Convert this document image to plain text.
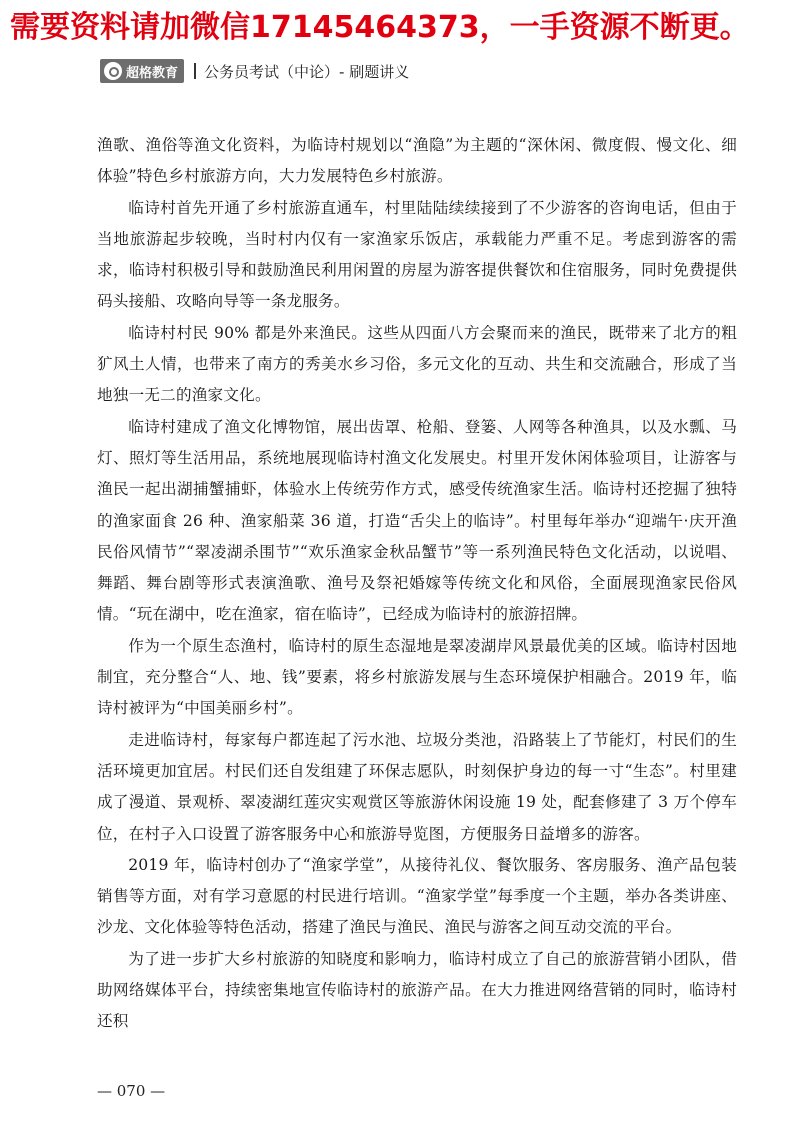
需要资料请加微信17145464373，一手资源不断更。
超格教育 公务员考试（中论）- 刷题讲义

渔歌、渔俗等渔文化资料，为临诗村规划以“渔隐”为主题的“深休闲、微度假、慢文化、细体验”特色乡村旅游方向，大力发展特色乡村旅游。

临诗村首先开通了乡村旅游直通车，村里陆陆续续接到了不少游客的咨询电话，但由于当地旅游起步较晚，当时村内仅有一家渔家乐饭店，承载能力严重不足。考虑到游客的需求，临诗村积极引导和鼓励渔民利用闲置的房屋为游客提供餐饮和住宿服务，同时免费提供码头接船、攻略向导等一条龙服务。

临诗村村民 90% 都是外来渔民。这些从四面八方会聚而来的渔民，既带来了北方的粗犷风土人情，也带来了南方的秀美水乡习俗，多元文化的互动、共生和交流融合，形成了当地独一无二的渔家文化。

临诗村建成了渔文化博物馆，展出齿罩、枪船、登篓、人网等各种渔具，以及水瓢、马灯、照灯等生活用品，系统地展现临诗村渔文化发展史。村里开发休闲体验项目，让游客与渔民一起出湖捕蟹捕虾，体验水上传统劳作方式，感受传统渔家生活。临诗村还挖掘了独特的渔家面食 26 种、渔家船菜 36 道，打造“舌尖上的临诗”。村里每年举办“迎端午·庆开渔民俗风情节”“翠凌湖杀围节”“欢乐渔家金秋品蟹节”等一系列渔民特色文化活动，以说唱、舞蹈、舞台剧等形式表演渔歌、渔号及祭祀婚嫁等传统文化和风俗，全面展现渔家民俗风情。“玩在湖中，吃在渔家，宿在临诗”，已经成为临诗村的旅游招牌。

作为一个原生态渔村，临诗村的原生态湿地是翠凌湖岸风景最优美的区域。临诗村因地制宜，充分整合“人、地、钱”要素，将乡村旅游发展与生态环境保护相融合。2019 年，临诗村被评为“中国美丽乡村”。

走进临诗村，每家每户都连起了污水池、垃圾分类池，沿路装上了节能灯，村民们的生活环境更加宜居。村民们还自发组建了环保志愿队，时刻保护身边的每一寸“生态”。村里建成了漫道、景观桥、翠凌湖红莲灾实观赏区等旅游休闲设施 19 处，配套修建了 3 万个停车位，在村子入口设置了游客服务中心和旅游导览图，方便服务日益增多的游客。

2019 年，临诗村创办了“渔家学堂”，从接待礼仪、餐饮服务、客房服务、渔产品包装销售等方面，对有学习意愿的村民进行培训。“渔家学堂”每季度一个主题，举办各类讲座、沙龙、文化体验等特色活动，搭建了渔民与渔民、渔民与游客之间互动交流的平台。

为了进一步扩大乡村旅游的知晓度和影响力，临诗村成立了自己的旅游营销小团队，借助网络媒体平台，持续密集地宣传临诗村的旅游产品。在大力推进网络营销的同时，临诗村还积

— 070 —
